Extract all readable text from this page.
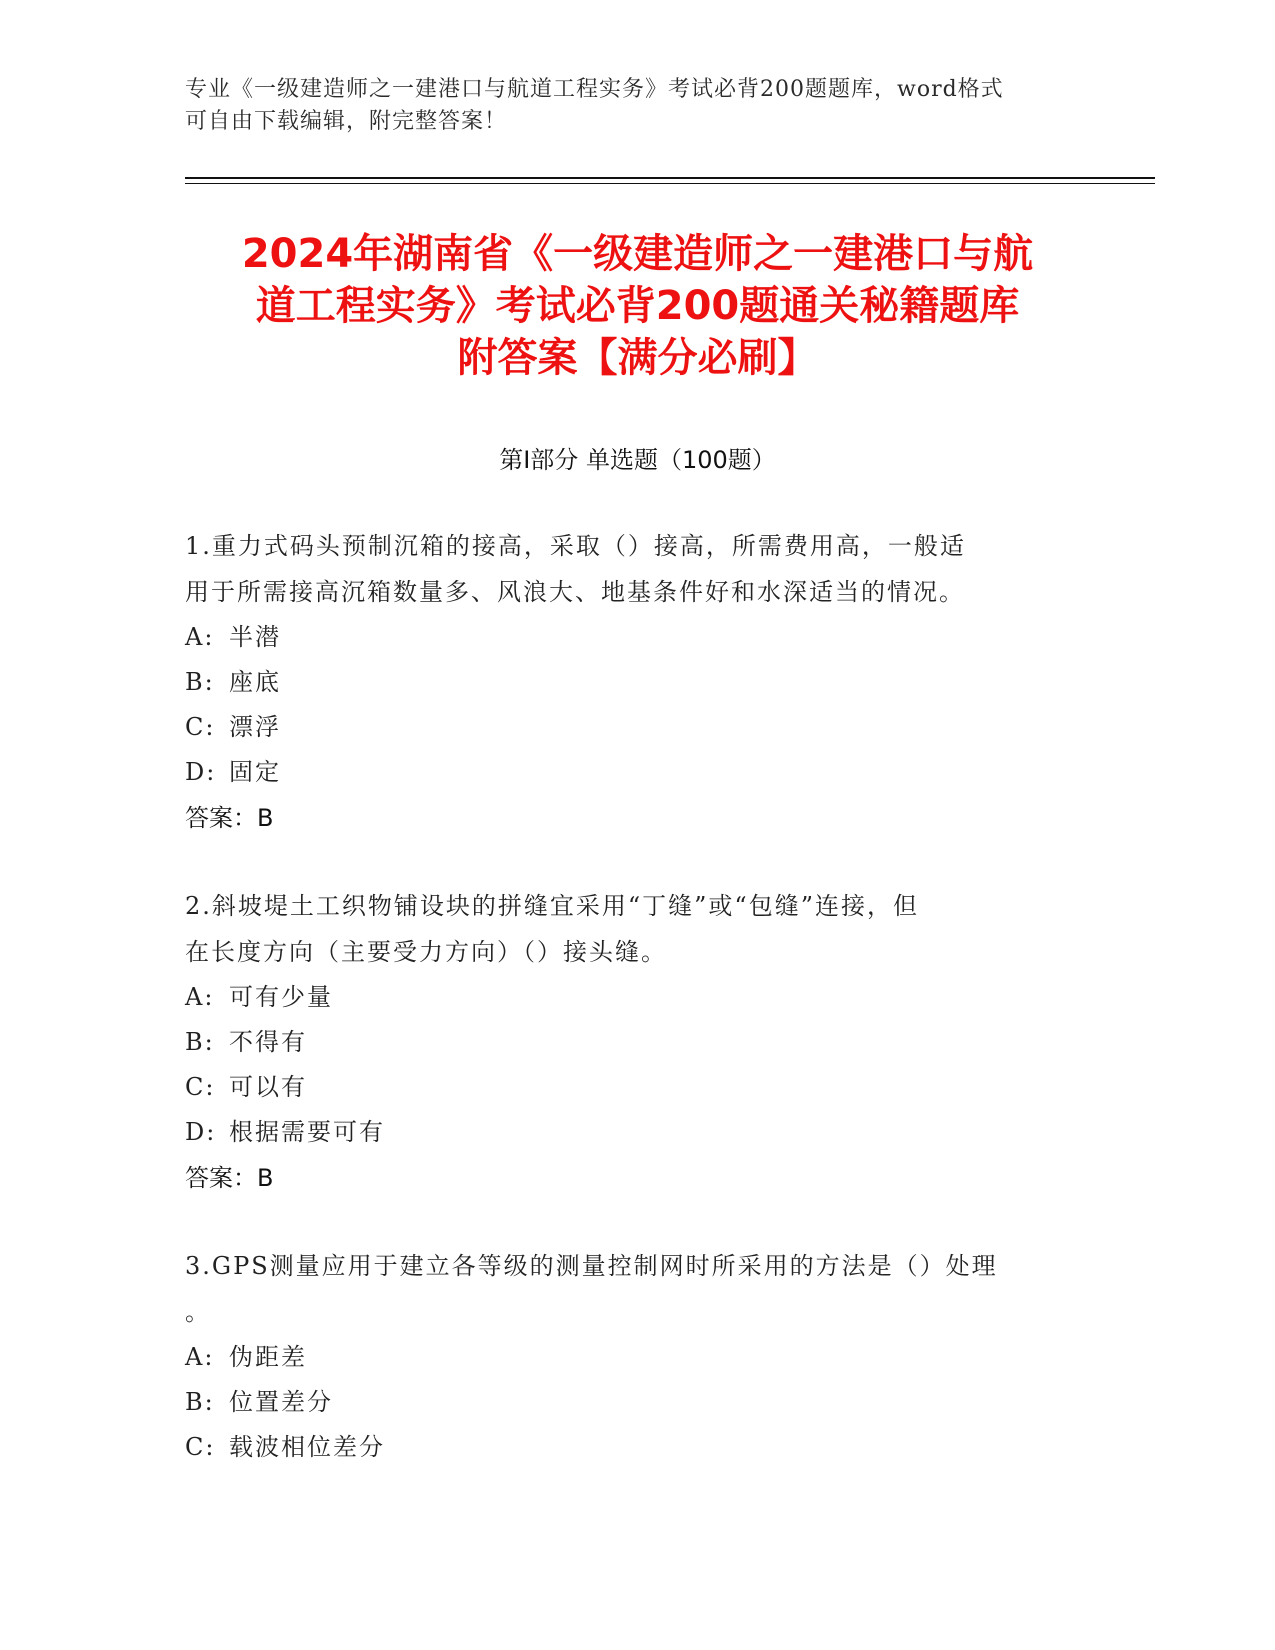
专业《一级建造师之一建港口与航道工程实务》考试必背200题题库，word格式
可自由下载编辑，附完整答案！
2024年湖南省《一级建造师之一建港口与航
道工程实务》考试必背200题通关秘籍题库
附答案【满分必刷】
第Ⅰ部分 单选题（100题）

1.重力式码头预制沉箱的接高，采取（）接高，所需费用高，一般适
用于所需接高沉箱数量多、风浪大、地基条件好和水深适当的情况。

A: 半潜
B: 座底
C: 漂浮
D: 固定
答案：B

2.斜坡堤土工织物铺设块的拼缝宜采用“丁缝”或“包缝”连接，但
在长度方向（主要受力方向）（）接头缝。

A: 可有少量
B: 不得有
C: 可以有
D: 根据需要可有
答案：B

3.GPS测量应用于建立各等级的测量控制网时所采用的方法是（）处理
。

A: 伪距差
B: 位置差分
C: 载波相位差分
